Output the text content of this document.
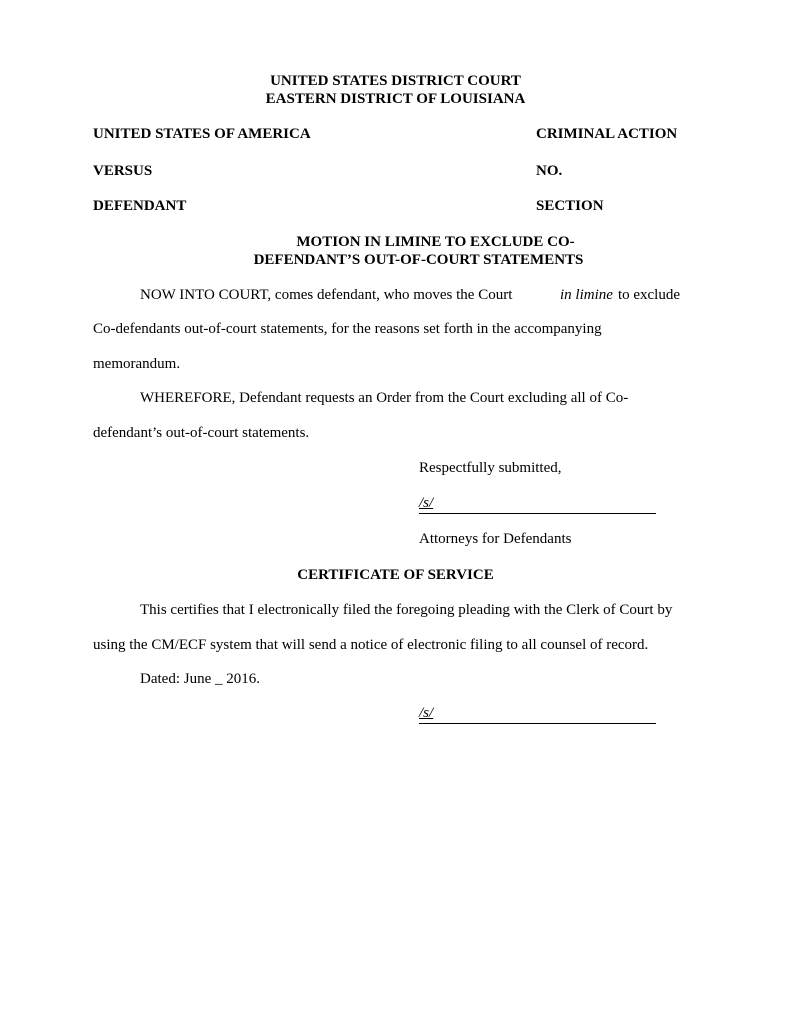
UNITED STATES DISTRICT COURT
EASTERN DISTRICT OF LOUISIANA
UNITED STATES OF AMERICA	CRIMINAL ACTION
VERSUS	NO.
DEFENDANT	SECTION
MOTION IN LIMINE TO EXCLUDE CO-
DEFENDANT’S OUT-OF-COURT STATEMENTS
NOW INTO COURT, comes defendant, who moves the Court	in limine to exclude
Co-defendants out-of-court statements, for the reasons set forth in the accompanying
memorandum.
WHEREFORE, Defendant requests an Order from the Court excluding all of Co-
defendant’s out-of-court statements.
Respectfully submitted,
/s/
Attorneys for Defendants
CERTIFICATE OF SERVICE
This certifies that I electronically filed the foregoing pleading with the Clerk of Court by
using the CM/ECF system that will send a notice of electronic filing to all counsel of record.
Dated: June _ 2016.
/s/
